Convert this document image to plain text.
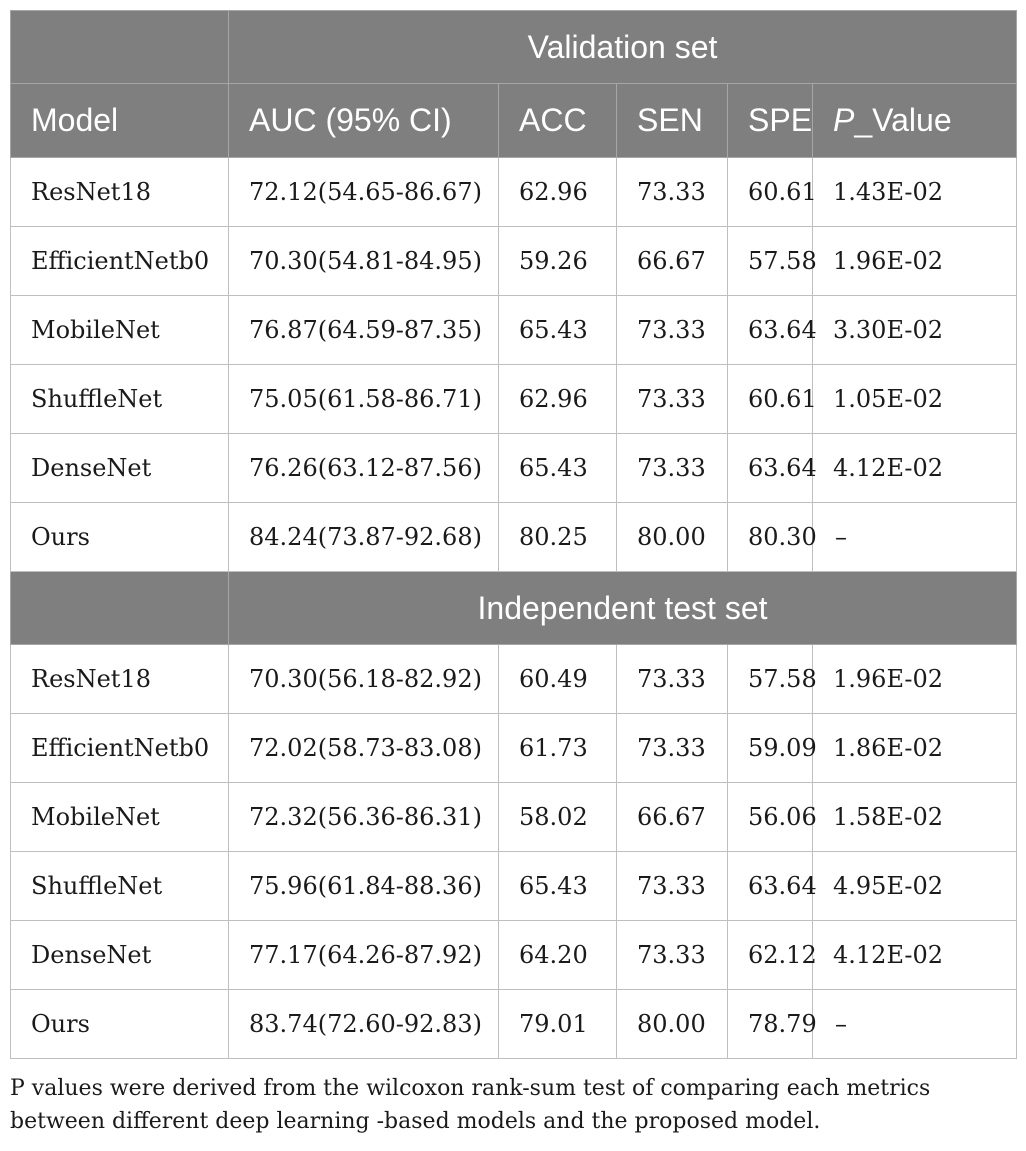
	Validation set				
Model	AUC (95% CI)	ACC	SEN	SPE	P_Value
ResNet18	72.12(54.65-86.67)	62.96	73.33	60.61	1.43E-02
EfficientNetb0	70.30(54.81-84.95)	59.26	66.67	57.58	1.96E-02
MobileNet	76.87(64.59-87.35)	65.43	73.33	63.64	3.30E-02
ShuffleNet	75.05(61.58-86.71)	62.96	73.33	60.61	1.05E-02
DenseNet	76.26(63.12-87.56)	65.43	73.33	63.64	4.12E-02
Ours	84.24(73.87-92.68)	80.25	80.00	80.30	–
	Independent test set				
ResNet18	70.30(56.18-82.92)	60.49	73.33	57.58	1.96E-02
EfficientNetb0	72.02(58.73-83.08)	61.73	73.33	59.09	1.86E-02
MobileNet	72.32(56.36-86.31)	58.02	66.67	56.06	1.58E-02
ShuffleNet	75.96(61.84-88.36)	65.43	73.33	63.64	4.95E-02
DenseNet	77.17(64.26-87.92)	64.20	73.33	62.12	4.12E-02
Ours	83.74(72.60-92.83)	79.01	80.00	78.79	–

P values were derived from the wilcoxon rank-sum test of comparing each metrics between different deep learning -based models and the proposed model.
